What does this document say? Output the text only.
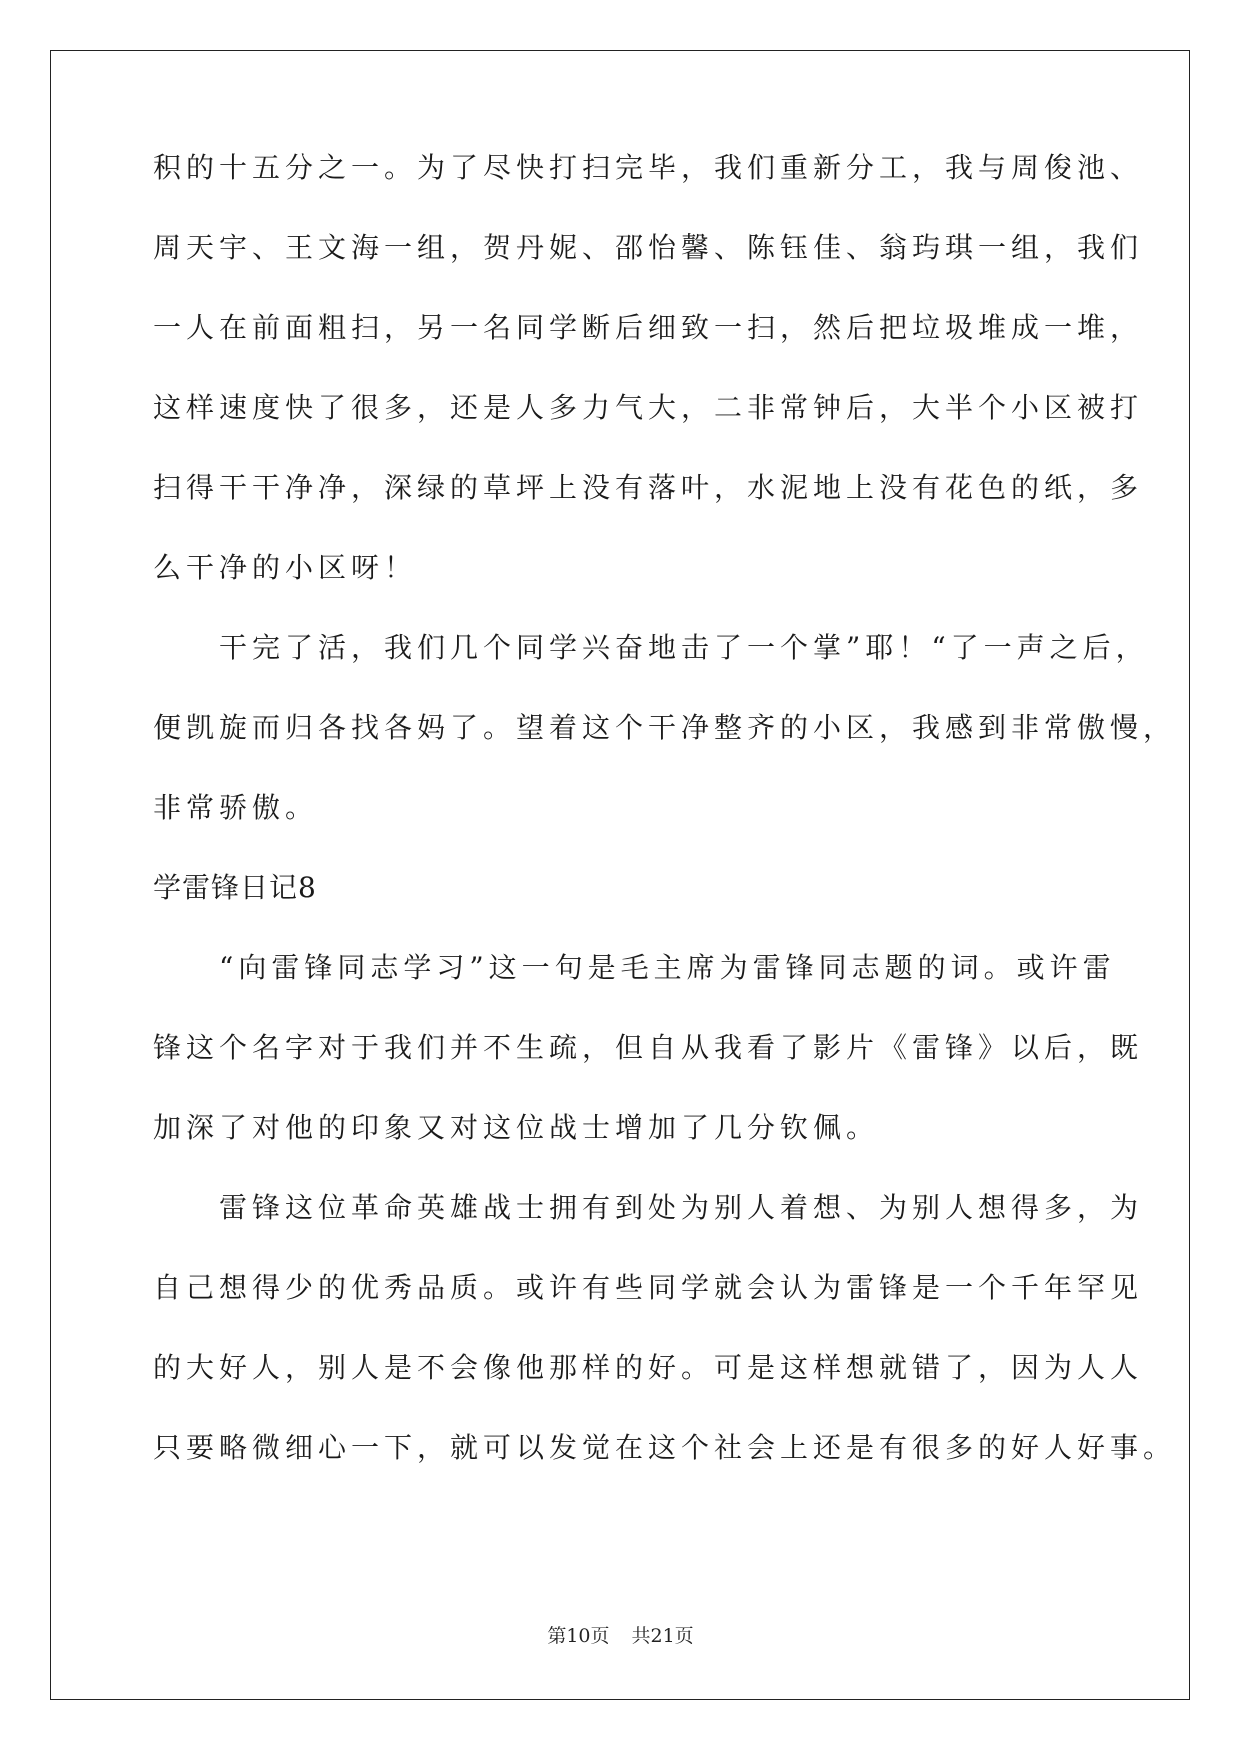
积的十五分之一。为了尽快打扫完毕，我们重新分工，我与周俊池、
周天宇、王文海一组，贺丹妮、邵怡馨、陈钰佳、翁玙琪一组，我们
一人在前面粗扫，另一名同学断后细致一扫，然后把垃圾堆成一堆，
这样速度快了很多，还是人多力气大，二非常钟后，大半个小区被打
扫得干干净净，深绿的草坪上没有落叶，水泥地上没有花色的纸，多
么干净的小区呀！
干完了活，我们几个同学兴奋地击了一个掌”耶！“了一声之后，
便凯旋而归各找各妈了。望着这个干净整齐的小区，我感到非常傲慢，
非常骄傲。
学雷锋日记8
“向雷锋同志学习”这一句是毛主席为雷锋同志题的词。或许雷
锋这个名字对于我们并不生疏，但自从我看了影片《雷锋》以后，既
加深了对他的印象又对这位战士增加了几分钦佩。
雷锋这位革命英雄战士拥有到处为别人着想、为别人想得多，为
自己想得少的优秀品质。或许有些同学就会认为雷锋是一个千年罕见
的大好人，别人是不会像他那样的好。可是这样想就错了，因为人人
只要略微细心一下，就可以发觉在这个社会上还是有很多的好人好事。
第10页 共21页
